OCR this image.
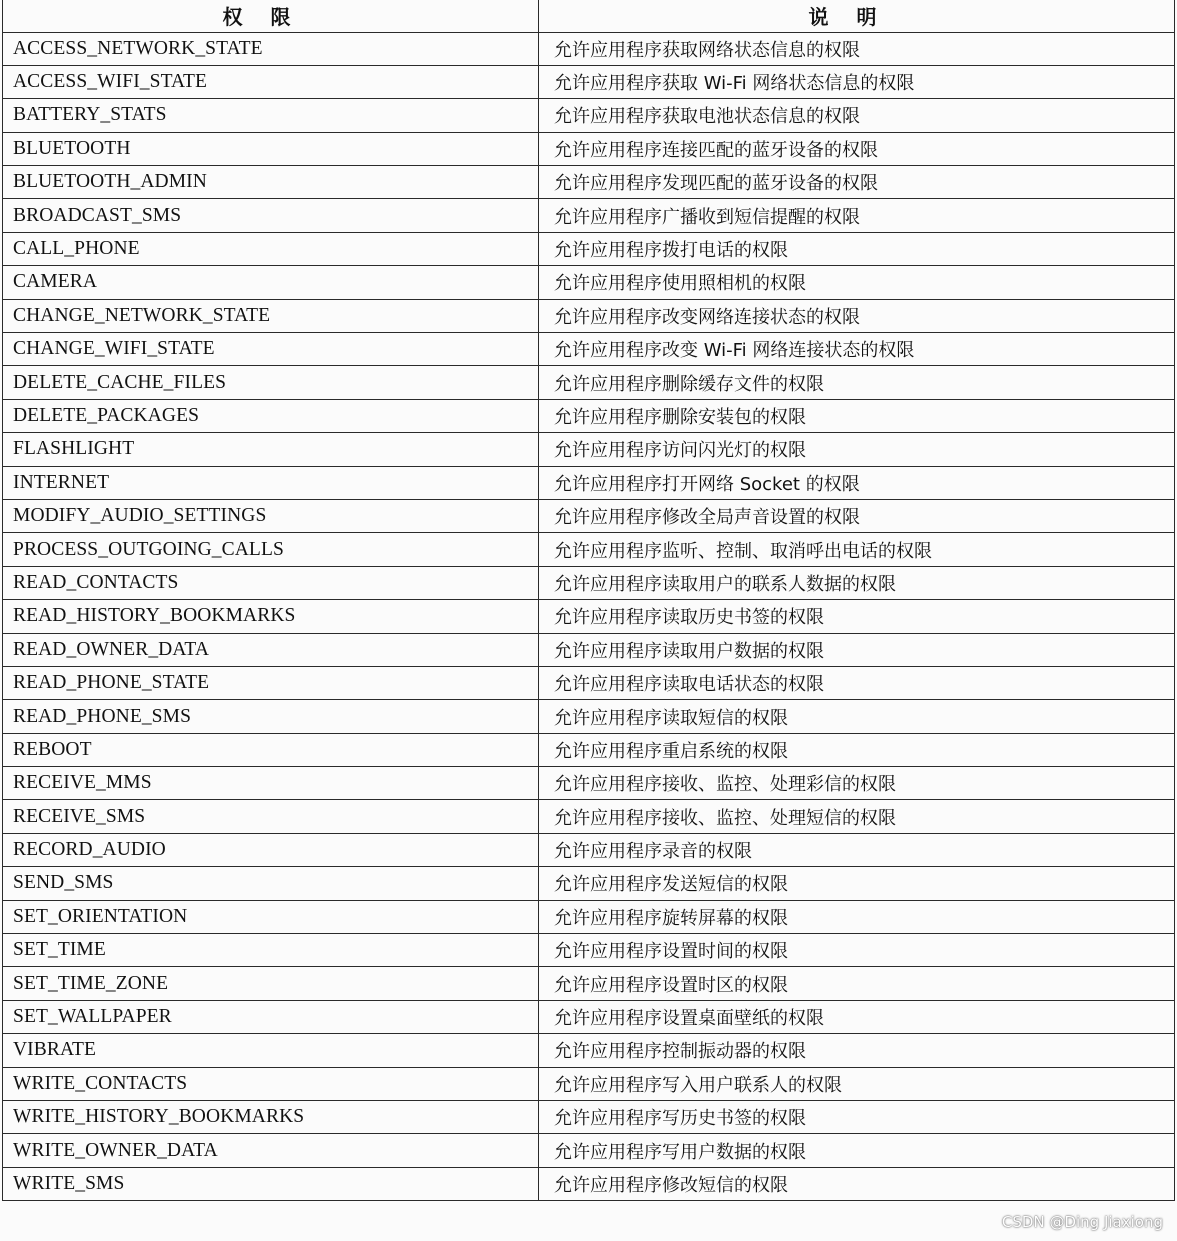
权限	说明
ACCESS_NETWORK_STATE	允许应用程序获取网络状态信息的权限
ACCESS_WIFI_STATE	允许应用程序获取 Wi-Fi 网络状态信息的权限
BATTERY_STATS	允许应用程序获取电池状态信息的权限
BLUETOOTH	允许应用程序连接匹配的蓝牙设备的权限
BLUETOOTH_ADMIN	允许应用程序发现匹配的蓝牙设备的权限
BROADCAST_SMS	允许应用程序广播收到短信提醒的权限
CALL_PHONE	允许应用程序拨打电话的权限
CAMERA	允许应用程序使用照相机的权限
CHANGE_NETWORK_STATE	允许应用程序改变网络连接状态的权限
CHANGE_WIFI_STATE	允许应用程序改变 Wi-Fi 网络连接状态的权限
DELETE_CACHE_FILES	允许应用程序删除缓存文件的权限
DELETE_PACKAGES	允许应用程序删除安装包的权限
FLASHLIGHT	允许应用程序访问闪光灯的权限
INTERNET	允许应用程序打开网络 Socket 的权限
MODIFY_AUDIO_SETTINGS	允许应用程序修改全局声音设置的权限
PROCESS_OUTGOING_CALLS	允许应用程序监听、控制、取消呼出电话的权限
READ_CONTACTS	允许应用程序读取用户的联系人数据的权限
READ_HISTORY_BOOKMARKS	允许应用程序读取历史书签的权限
READ_OWNER_DATA	允许应用程序读取用户数据的权限
READ_PHONE_STATE	允许应用程序读取电话状态的权限
READ_PHONE_SMS	允许应用程序读取短信的权限
REBOOT	允许应用程序重启系统的权限
RECEIVE_MMS	允许应用程序接收、监控、处理彩信的权限
RECEIVE_SMS	允许应用程序接收、监控、处理短信的权限
RECORD_AUDIO	允许应用程序录音的权限
SEND_SMS	允许应用程序发送短信的权限
SET_ORIENTATION	允许应用程序旋转屏幕的权限
SET_TIME	允许应用程序设置时间的权限
SET_TIME_ZONE	允许应用程序设置时区的权限
SET_WALLPAPER	允许应用程序设置桌面壁纸的权限
VIBRATE	允许应用程序控制振动器的权限
WRITE_CONTACTS	允许应用程序写入用户联系人的权限
WRITE_HISTORY_BOOKMARKS	允许应用程序写历史书签的权限
WRITE_OWNER_DATA	允许应用程序写用户数据的权限
WRITE_SMS	允许应用程序修改短信的权限
CSDN @Ding Jiaxiong
